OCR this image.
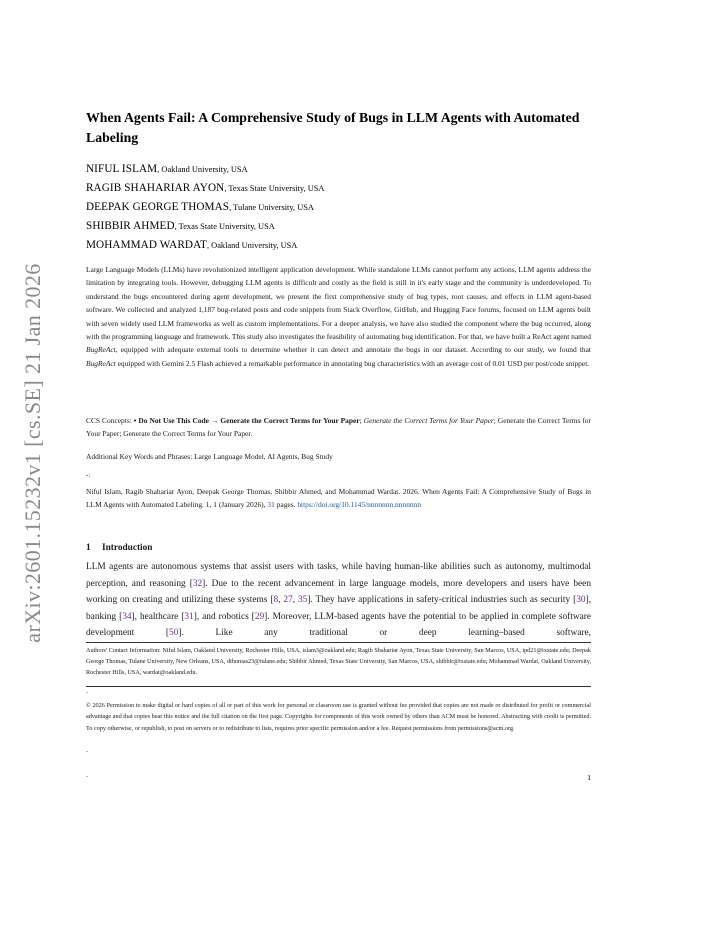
arXiv:2601.15232v1 [cs.SE] 21 Jan 2026
When Agents Fail: A Comprehensive Study of Bugs in LLM Agents with Automated Labeling
NIFUL ISLAM, Oakland University, USA
RAGIB SHAHARIAR AYON, Texas State University, USA
DEEPAK GEORGE THOMAS, Tulane University, USA
SHIBBIR AHMED, Texas State University, USA
MOHAMMAD WARDAT, Oakland University, USA
Large Language Models (LLMs) have revolutionized intelligent application development. While standalone LLMs cannot perform any actions, LLM agents address the limitation by integrating tools. However, debugging LLM agents is difficult and costly as the field is still in it's early stage and the community is underdeveloped. To understand the bugs encountered during agent development, we present the first comprehensive study of bug types, root causes, and effects in LLM agent-based software. We collected and analyzed 1,187 bug-related posts and code snippets from Stack Overflow, GitHub, and Hugging Face forums, focused on LLM agents built with seven widely used LLM frameworks as well as custom implementations. For a deeper analysis, we have also studied the component where the bug occurred, along with the programming language and framework. This study also investigates the feasibility of automating bug identification. For that, we have built a ReAct agent named BugReAct, equipped with adequate external tools to determine whether it can detect and annotate the bugs in our dataset. According to our study, we found that BugReAct equipped with Gemini 2.5 Flash achieved a remarkable performance in annotating bug characteristics with an average cost of 0.01 USD per post/code snippet.
CCS Concepts: • Do Not Use This Code → Generate the Correct Terms for Your Paper; Generate the Correct Terms for Your Paper; Generate the Correct Terms for Your Paper; Generate the Correct Terms for Your Paper.
Additional Key Words and Phrases: Large Language Model, AI Agents, Bug Study
-:
Niful Islam, Ragib Shahariar Ayon, Deepak George Thomas, Shibbir Ahmed, and Mohammad Wardat. 2026. When Agents Fail: A Comprehensive Study of Bugs in LLM Agents with Automated Labeling. 1, 1 (January 2026), 31 pages. https://doi.org/10.1145/nnnnnnn.nnnnnnn
1 Introduction
LLM agents are autonomous systems that assist users with tasks, while having human-like abilities such as autonomy, multimodal perception, and reasoning [32]. Due to the recent advancement in large language models, more developers and users have been working on creating and utilizing these systems [8, 27, 35]. They have applications in safety-critical industries such as security [30], banking [34], healthcare [31], and robotics [29]. Moreover, LLM-based agents have the potential to be applied in complete software development [50]. Like any traditional or deep learning–based software,
Authors' Contact Information: Niful Islam, Oakland University, Rochester Hills, USA, islam3@oakland.edu; Ragib Shahariar Ayon, Texas State University, San Marcos, USA, ipd21@txstate.edu; Deepak George Thomas, Tulane University, New Orleans, USA, dthomas23@tulane.edu; Shibbir Ahmed, Texas State University, San Marcos, USA, shibbir@txstate.edu; Mohammad Wardat, Oakland University, Rochester Hills, USA, wardat@oakland.edu.
-
© 2026 Permission to make digital or hard copies of all or part of this work for personal or classroom use is granted without fee provided that copies are not made or distributed for profit or commercial advantage and that copies bear this notice and the full citation on the first page. Copyrights for components of this work owned by others than ACM must be honored. Abstracting with credit is permitted. To copy otherwise, or republish, to post on servers or to redistribute to lists, requires prior specific permission and/or a fee. Request permissions from permissions@acm.org.
-
-	1
